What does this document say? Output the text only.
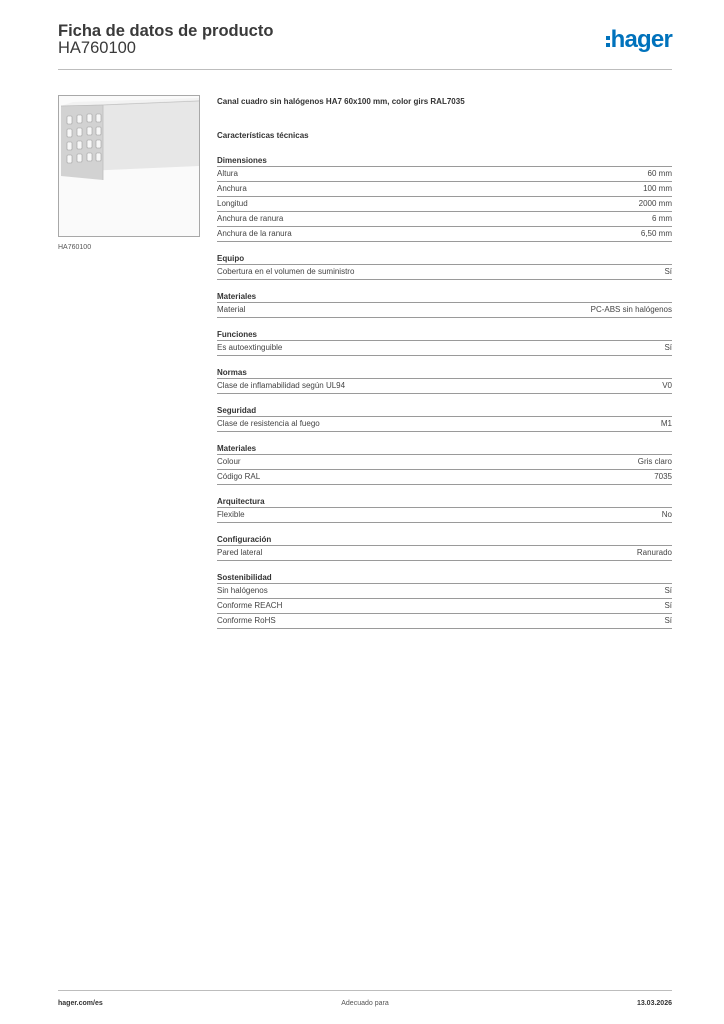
Ficha de datos de producto
HA760100	hager
HA760100
Canal cuadro sin halógenos HA7 60x100 mm, color girs RAL7035
Características técnicas
Dimensiones
Altura	60 mm
Anchura	100 mm
Longitud	2000 mm
Anchura de ranura	6 mm
Anchura de la ranura	6,50 mm
Equipo
Cobertura en el volumen de suministro	Sí
Materiales
Material	PC-ABS sin halógenos
Funciones
Es autoextinguible	Sí
Normas
Clase de inflamabilidad según UL94	V0
Seguridad
Clase de resistencia al fuego	M1
Materiales
Colour	Gris claro
Código RAL	7035
Arquitectura
Flexible	No
Configuración
Pared lateral	Ranurado
Sostenibilidad
Sin halógenos	Sí
Conforme REACH	Sí
Conforme RoHS	Sí
hager.com/es	Adecuado para	13.03.2026
